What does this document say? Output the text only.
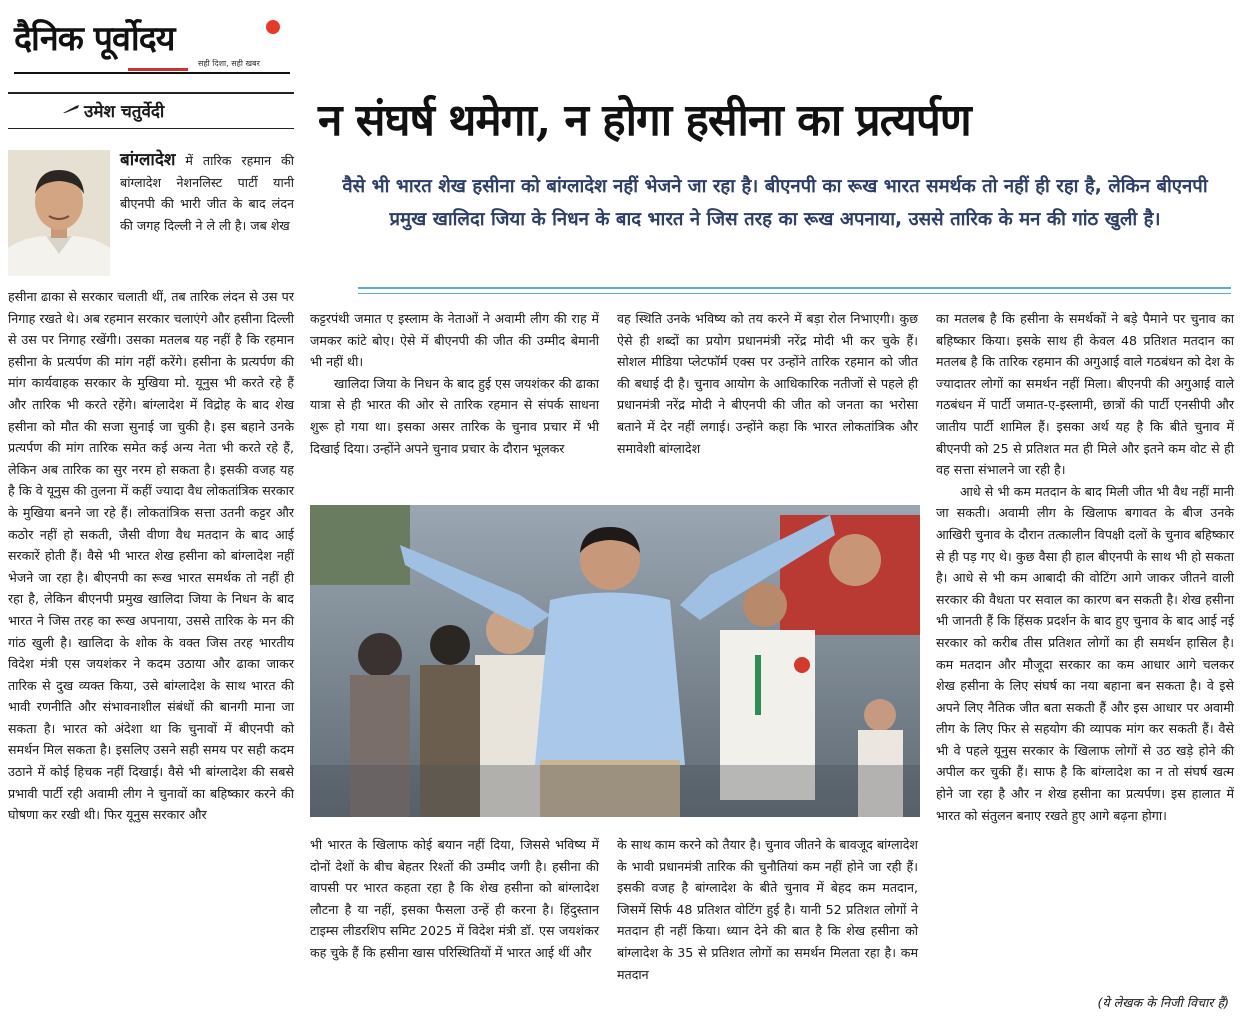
दैनिक पूर्वोदय
सही दिशा, सही खबर
उमेश चतुर्वेदी	न संघर्ष थमेगा, न होगा हसीना का प्रत्यर्पण
वैसे भी भारत शेख हसीना को बांग्लादेश नहीं भेजने जा रहा है। बीएनपी का रूख भारत समर्थक तो नहीं ही रहा है, लेकिन बीएनपी प्रमुख खालिदा जिया के निधन के बाद भारत ने जिस तरह का रूख अपनाया, उससे तारिक के मन की गांठ खुली है।

बांग्लादेश में तारिक रहमान की बांग्लादेश नेशनलिस्ट पार्टी यानी बीएनपी की भारी जीत के बाद लंदन की जगह दिल्ली ने ले ली है। जब शेख

हसीना ढाका से सरकार चलाती थीं, तब तारिक लंदन से उस पर निगाह रखते थे। अब रहमान सरकार चलाएंगे और हसीना दिल्ली से उस पर निगाह रखेंगी। उसका मतलब यह नहीं है कि रहमान हसीना के प्रत्यर्पण की मांग नहीं करेंगे। हसीना के प्रत्यर्पण की मांग कार्यवाहक सरकार के मुखिया मो. यूनुस भी करते रहे हैं और तारिक भी करते रहेंगे। बांग्लादेश में विद्रोह के बाद शेख हसीना को मौत की सजा सुनाई जा चुकी है। इस बहाने उनके प्रत्यर्पण की मांग तारिक समेत कई अन्य नेता भी करते रहे हैं, लेकिन अब तारिक का सुर नरम हो सकता है। इसकी वजह यह है कि वे यूनुस की तुलना में कहीं ज्यादा वैध लोकतांत्रिक सरकार के मुखिया बनने जा रहे हैं। लोकतांत्रिक सत्ता उतनी कट्टर और कठोर नहीं हो सकती, जैसी वीणा वैध मतदान के बाद आई सरकारें होती हैं। वैसे भी भारत शेख हसीना को बांग्लादेश नहीं भेजने जा रहा है। बीएनपी का रूख भारत समर्थक तो नहीं ही रहा है, लेकिन बीएनपी प्रमुख खालिदा जिया के निधन के बाद भारत ने जिस तरह का रूख अपनाया, उससे तारिक के मन की गांठ खुली है। खालिदा के शोक के वक्त जिस तरह भारतीय विदेश मंत्री एस जयशंकर ने कदम उठाया और ढाका जाकर तारिक से दुख व्यक्त किया, उसे बांग्लादेश के साथ भारत की भावी रणनीति और संभावनाशील संबंधों की बानगी माना जा सकता है। भारत को अंदेशा था कि चुनावों में बीएनपी को समर्थन मिल सकता है। इसलिए उसने सही समय पर सही कदम उठाने में कोई हिचक नहीं दिखाई। वैसे भी बांग्लादेश की सबसे प्रभावी पार्टी रही अवामी लीग ने चुनावों का बहिष्कार करने की घोषणा कर रखी थी। फिर यूनुस सरकार और

कट्टरपंथी जमात ए इस्लाम के नेताओं ने अवामी लीग की राह में जमकर कांटे बोए। ऐसे में बीएनपी की जीत की उम्मीद बेमानी भी नहीं थी।

खालिदा जिया के निधन के बाद हुई एस जयशंकर की ढाका यात्रा से ही भारत की ओर से तारिक रहमान से संपर्क साधना शुरू हो गया था। इसका असर तारिक के चुनाव प्रचार में भी दिखाई दिया। उन्होंने अपने चुनाव प्रचार के दौरान भूलकर

वह स्थिति उनके भविष्य को तय करने में बड़ा रोल निभाएगी। कुछ ऐसे ही शब्दों का प्रयोग प्रधानमंत्री नरेंद्र मोदी भी कर चुके हैं। सोशल मीडिया प्लेटफॉर्म एक्स पर उन्होंने तारिक रहमान को जीत की बधाई दी है। चुनाव आयोग के आधिकारिक नतीजों से पहले ही प्रधानमंत्री नरेंद्र मोदी ने बीएनपी की जीत को जनता का भरोसा बताने में देर नहीं लगाई। उन्होंने कहा कि भारत लोकतांत्रिक और समावेशी बांग्लादेश

भी भारत के खिलाफ कोई बयान नहीं दिया, जिससे भविष्य में दोनों देशों के बीच बेहतर रिश्तों की उम्मीद जगी है। हसीना की वापसी पर भारत कहता रहा है कि शेख हसीना को बांग्लादेश लौटना है या नहीं, इसका फैसला उन्हें ही करना है। हिंदुस्तान टाइम्स लीडरशिप समिट 2025 में विदेश मंत्री डॉ. एस जयशंकर कह चुके हैं कि हसीना खास परिस्थितियों में भारत आई थीं और

के साथ काम करने को तैयार है। चुनाव जीतने के बावजूद बांग्लादेश के भावी प्रधानमंत्री तारिक की चुनौतियां कम नहीं होने जा रही हैं। इसकी वजह है बांग्लादेश के बीते चुनाव में बेहद कम मतदान, जिसमें सिर्फ 48 प्रतिशत वोटिंग हुई है। यानी 52 प्रतिशत लोगों ने मतदान ही नहीं किया। ध्यान देने की बात है कि शेख हसीना को बांग्लादेश के 35 से प्रतिशत लोगों का समर्थन मिलता रहा है। कम मतदान

का मतलब है कि हसीना के समर्थकों ने बड़े पैमाने पर चुनाव का बहिष्कार किया। इसके साथ ही केवल 48 प्रतिशत मतदान का मतलब है कि तारिक रहमान की अगुआई वाले गठबंधन को देश के ज्यादातर लोगों का समर्थन नहीं मिला। बीएनपी की अगुआई वाले गठबंधन में पार्टी जमात-ए-इस्लामी, छात्रों की पार्टी एनसीपी और जातीय पार्टी शामिल हैं। इसका अर्थ यह है कि बीते चुनाव में बीएनपी को 25 से प्रतिशत मत ही मिले और इतने कम वोट से ही वह सत्ता संभालने जा रही है।

आधे से भी कम मतदान के बाद मिली जीत भी वैध नहीं मानी जा सकती। अवामी लीग के खिलाफ बगावत के बीज उनके आखिरी चुनाव के दौरान तत्कालीन विपक्षी दलों के चुनाव बहिष्कार से ही पड़ गए थे। कुछ वैसा ही हाल बीएनपी के साथ भी हो सकता है। आधे से भी कम आबादी की वोटिंग आगे जाकर जीतने वाली सरकार की वैधता पर सवाल का कारण बन सकती है। शेख हसीना भी जानती हैं कि हिंसक प्रदर्शन के बाद हुए चुनाव के बाद आई नई सरकार को करीब तीस प्रतिशत लोगों का ही समर्थन हासिल है। कम मतदान और मौजूदा सरकार का कम आधार आगे चलकर शेख हसीना के लिए संघर्ष का नया बहाना बन सकता है। वे इसे अपने लिए नैतिक जीत बता सकती हैं और इस आधार पर अवामी लीग के लिए फिर से सहयोग की व्यापक मांग कर सकती हैं। वैसे भी वे पहले यूनुस सरकार के खिलाफ लोगों से उठ खड़े होने की अपील कर चुकी हैं। साफ है कि बांग्लादेश का न तो संघर्ष खत्म होने जा रहा है और न शेख हसीना का प्रत्यर्पण। इस हालात में भारत को संतुलन बनाए रखते हुए आगे बढ़ना होगा।

(ये लेखक के निजी विचार हैं)
